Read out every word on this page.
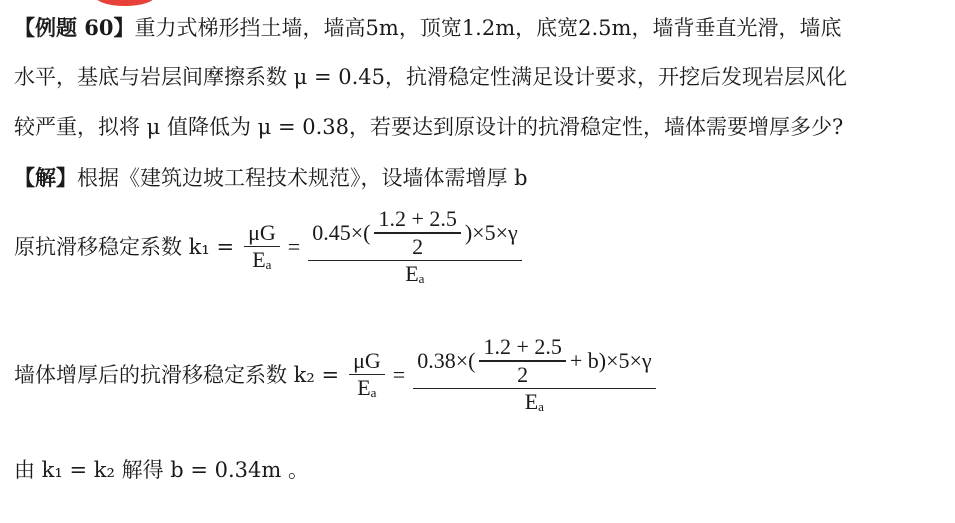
【例题 60】重力式梯形挡土墙，墙高5m，顶宽1.2m，底宽2.5m，墙背垂直光滑，墙底
水平，基底与岩层间摩擦系数 μ = 0.45，抗滑稳定性满足设计要求，开挖后发现岩层风化
较严重，拟将 μ 值降低为 μ = 0.38，若要达到原设计的抗滑稳定性，墙体需要增厚多少?
【解】根据《建筑边坡工程技术规范》，设墙体需增厚 b
原抗滑移稳定系数 $k_1 = \frac{\mu G}{\text{Eₐ}} = \frac{0.45\times( \frac{1.2 + 2.5}{2} )\times 5\times\gamma}{\text{Eₐ}}$
墙体增厚后的抗滑移稳定系数 $k_2 = \frac{\mu G}{\text{Eₐ}} = \frac{0.38\times( \frac{1.2 + 2.5}{2} + b)\times 5\times\gamma}{\text{Eₐ}}$
由 k₁ = k₂ 解得 b = 0.34m 。
